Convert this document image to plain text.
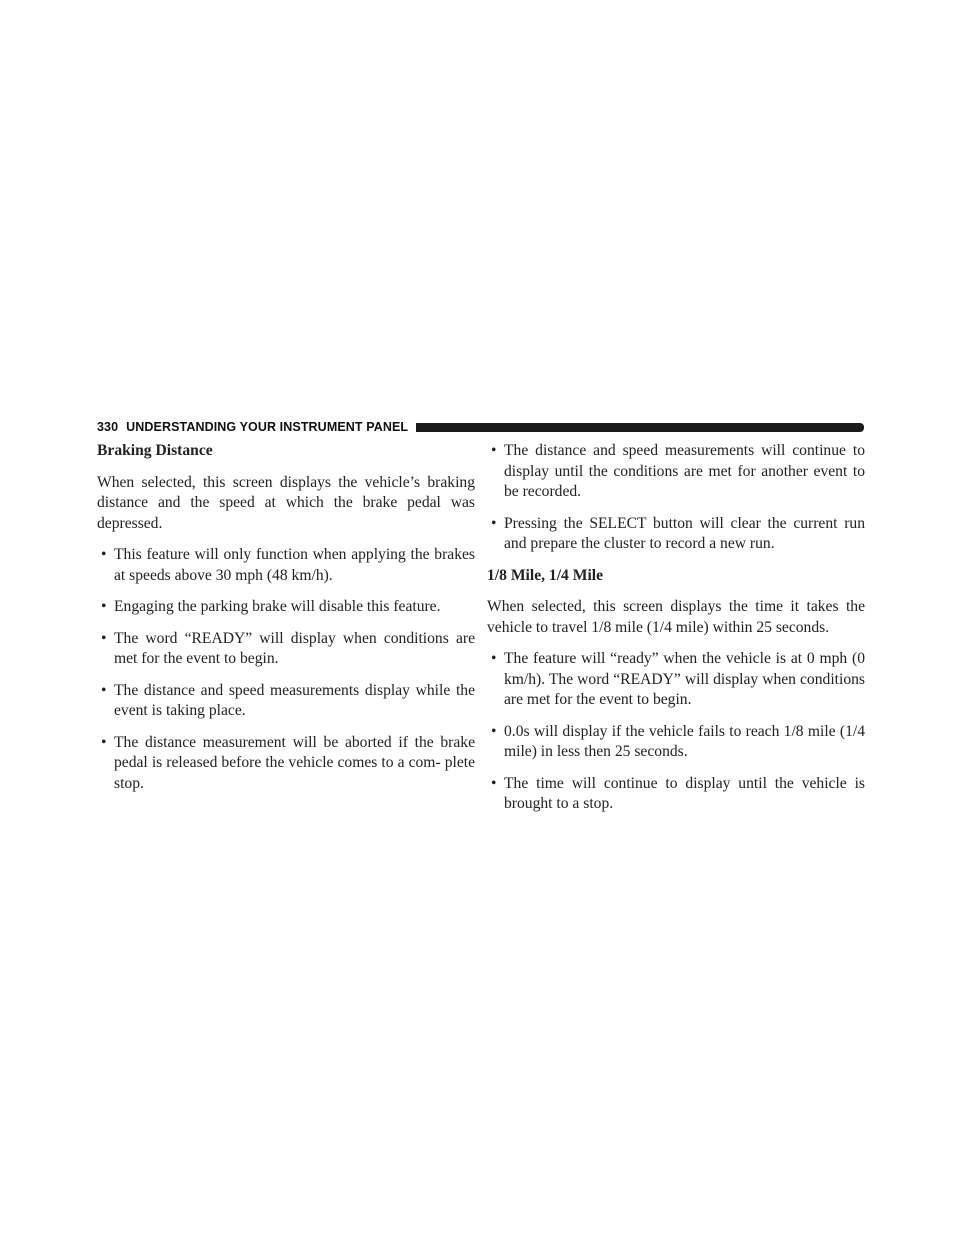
330 UNDERSTANDING YOUR INSTRUMENT PANEL
Braking Distance

When selected, this screen displays the vehicle’s braking distance and the speed at which the brake pedal was depressed.

• This feature will only function when applying the brakes at speeds above 30 mph (48 km/h).
• Engaging the parking brake will disable this feature.
• The word “READY” will display when conditions are met for the event to begin.
• The distance and speed measurements display while the event is taking place.
• The distance measurement will be aborted if the brake pedal is released before the vehicle comes to a com- plete stop.
• The distance and speed measurements will continue to display until the conditions are met for another event to be recorded.
• Pressing the SELECT button will clear the current run and prepare the cluster to record a new run.
1/8 Mile, 1/4 Mile

When selected, this screen displays the time it takes the vehicle to travel 1/8 mile (1/4 mile) within 25 seconds.

• The feature will “ready” when the vehicle is at 0 mph (0 km/h). The word “READY” will display when conditions are met for the event to begin.
• 0.0s will display if the vehicle fails to reach 1/8 mile (1/4 mile) in less then 25 seconds.
• The time will continue to display until the vehicle is brought to a stop.
